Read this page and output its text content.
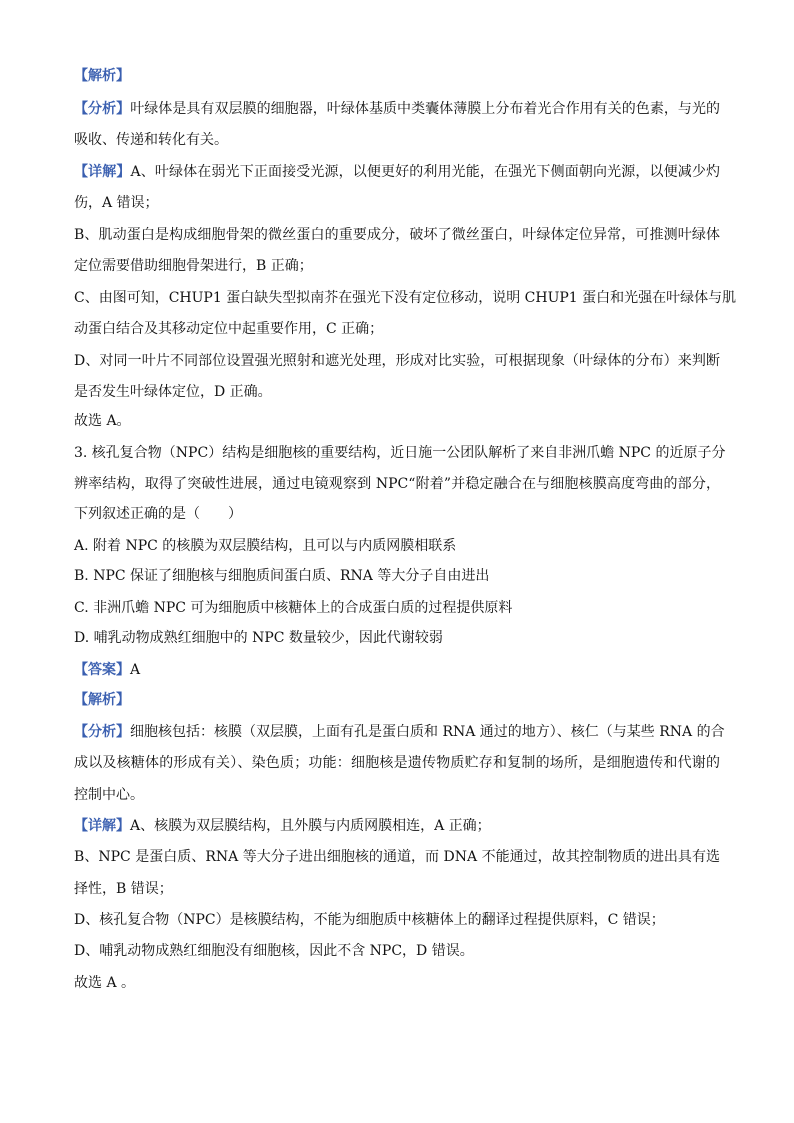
【解析】
【分析】叶绿体是具有双层膜的细胞器，叶绿体基质中类囊体薄膜上分布着光合作用有关的色素，与光的
吸收、传递和转化有关。
【详解】A、叶绿体在弱光下正面接受光源，以便更好的利用光能，在强光下侧面朝向光源，以便减少灼
伤，A 错误；
B、肌动蛋白是构成细胞骨架的微丝蛋白的重要成分，破坏了微丝蛋白，叶绿体定位异常，可推测叶绿体
定位需要借助细胞骨架进行，B 正确；
C、由图可知，CHUP1 蛋白缺失型拟南芥在强光下没有定位移动，说明 CHUP1 蛋白和光强在叶绿体与肌
动蛋白结合及其移动定位中起重要作用，C 正确；
D、对同一叶片不同部位设置强光照射和遮光处理，形成对比实验，可根据现象（叶绿体的分布）来判断
是否发生叶绿体定位，D 正确。
故选 A。
3. 核孔复合物（NPC）结构是细胞核的重要结构，近日施一公团队解析了来自非洲爪蟾 NPC 的近原子分
辨率结构，取得了突破性进展，通过电镜观察到 NPC“附着”并稳定融合在与细胞核膜高度弯曲的部分，
下列叙述正确的是（　　）
A. 附着 NPC 的核膜为双层膜结构，且可以与内质网膜相联系
B. NPC 保证了细胞核与细胞质间蛋白质、RNA 等大分子自由进出
C. 非洲爪蟾 NPC 可为细胞质中核糖体上的合成蛋白质的过程提供原料
D. 哺乳动物成熟红细胞中的 NPC 数量较少，因此代谢较弱
【答案】A
【解析】
【分析】细胞核包括：核膜（双层膜，上面有孔是蛋白质和 RNA 通过的地方）、核仁（与某些 RNA 的合
成以及核糖体的形成有关）、染色质；功能：细胞核是遗传物质贮存和复制的场所，是细胞遗传和代谢的
控制中心。
【详解】A、核膜为双层膜结构，且外膜与内质网膜相连，A 正确；
B、NPC 是蛋白质、RNA 等大分子进出细胞核的通道，而 DNA 不能通过，故其控制物质的进出具有选
择性，B 错误；
D、核孔复合物（NPC）是核膜结构，不能为细胞质中核糖体上的翻译过程提供原料，C 错误；
D、哺乳动物成熟红细胞没有细胞核，因此不含 NPC，D 错误。
故选 A 。
